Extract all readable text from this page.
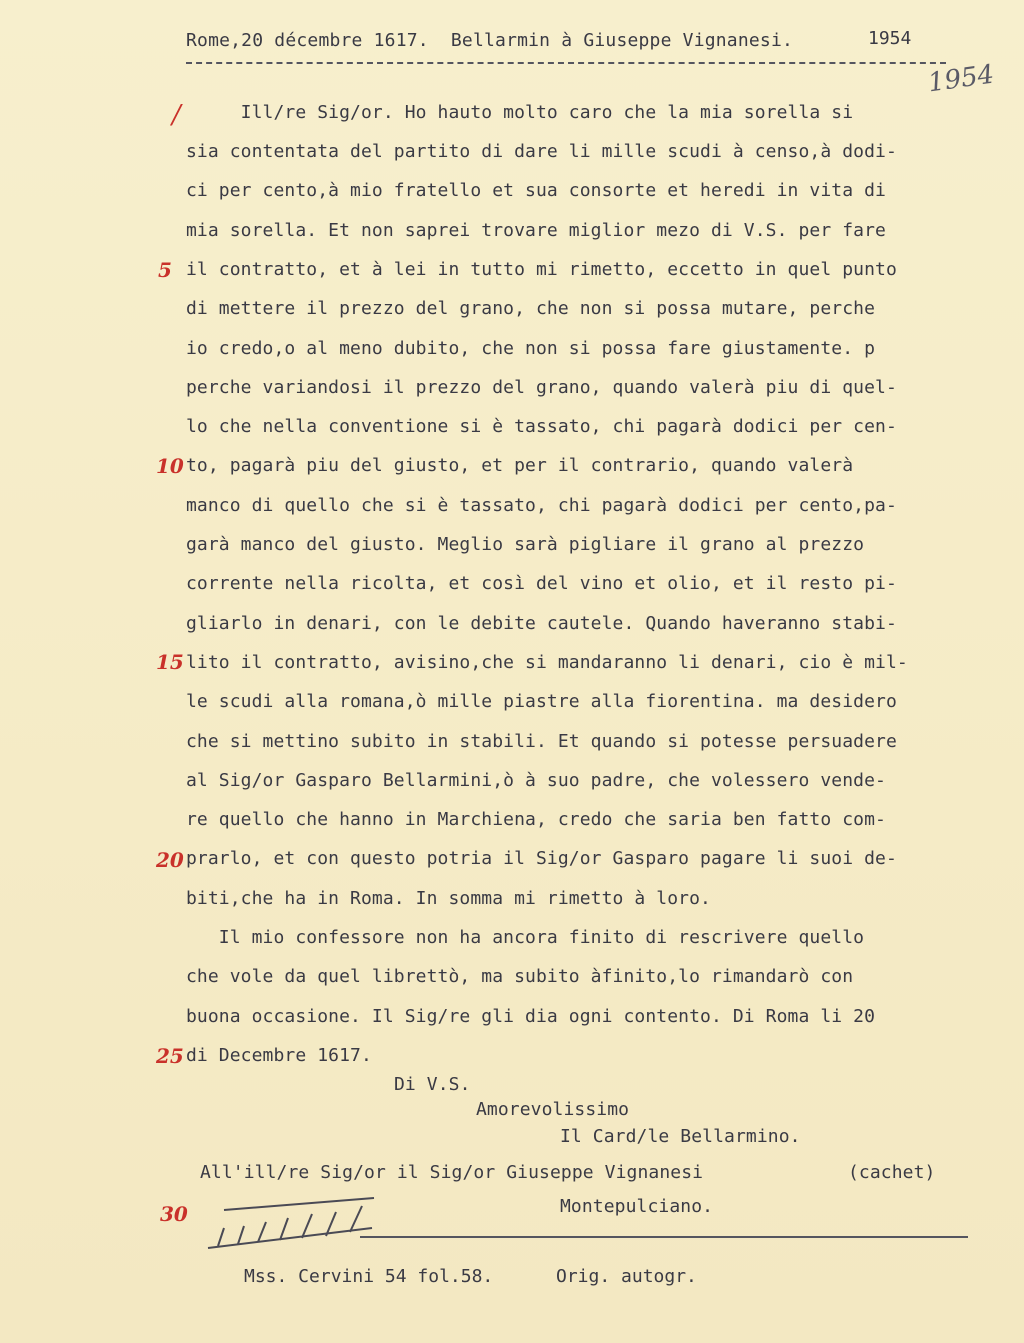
Rome,20 décembre 1617.  Bellarmin à Giuseppe Vignanesi.	1954
1954
/
5
10
15
20
25
30
Ill/re Sig/or. Ho hauto molto caro che la mia sorella si
sia contentata del partito di dare li mille scudi à censo,à dodi-
ci per cento,à mio fratello et sua consorte et heredi in vita di
mia sorella. Et non saprei trovare miglior mezo di V.S. per fare
il contratto, et à lei in tutto mi rimetto, eccetto in quel punto
di mettere il prezzo del grano, che non si possa mutare, perche
io credo,o al meno dubito, che non si possa fare giustamente. p
perche variandosi il prezzo del grano, quando valerà piu di quel-
lo che nella conventione si è tassato, chi pagarà dodici per cen-
to, pagarà piu del giusto, et per il contrario, quando valerà
manco di quello che si è tassato, chi pagarà dodici per cento,pa-
garà manco del giusto. Meglio sarà pigliare il grano al prezzo
corrente nella ricolta, et così del vino et olio, et il resto pi-
gliarlo in denari, con le debite cautele. Quando haveranno stabi-
lito il contratto, avisino,che si mandaranno li denari, cio è mil-
le scudi alla romana,ò mille piastre alla fiorentina. ma desidero
che si mettino subito in stabili. Et quando si potesse persuadere
al Sig/or Gasparo Bellarmini,ò à suo padre, che volessero vende-
re quello che hanno in Marchiena, credo che saria ben fatto com-
prarlo, et con questo potria il Sig/or Gasparo pagare li suoi de-
biti,che ha in Roma. In somma mi rimetto à loro.
Il mio confessore non ha ancora finito di rescrivere quello
che vole da quel librettò, ma subito àfinito,lo rimandarò con
buona occasione. Il Sig/re gli dia ogni contento. Di Roma li 20
di Decembre 1617.
Di V.S.
Amorevolissimo
Il Card/le Bellarmino.
All'ill/re Sig/or il Sig/or Giuseppe Vignanesi	(cachet)
Montepulciano.
Mss. Cervini 54 fol.58.	Orig. autogr.
